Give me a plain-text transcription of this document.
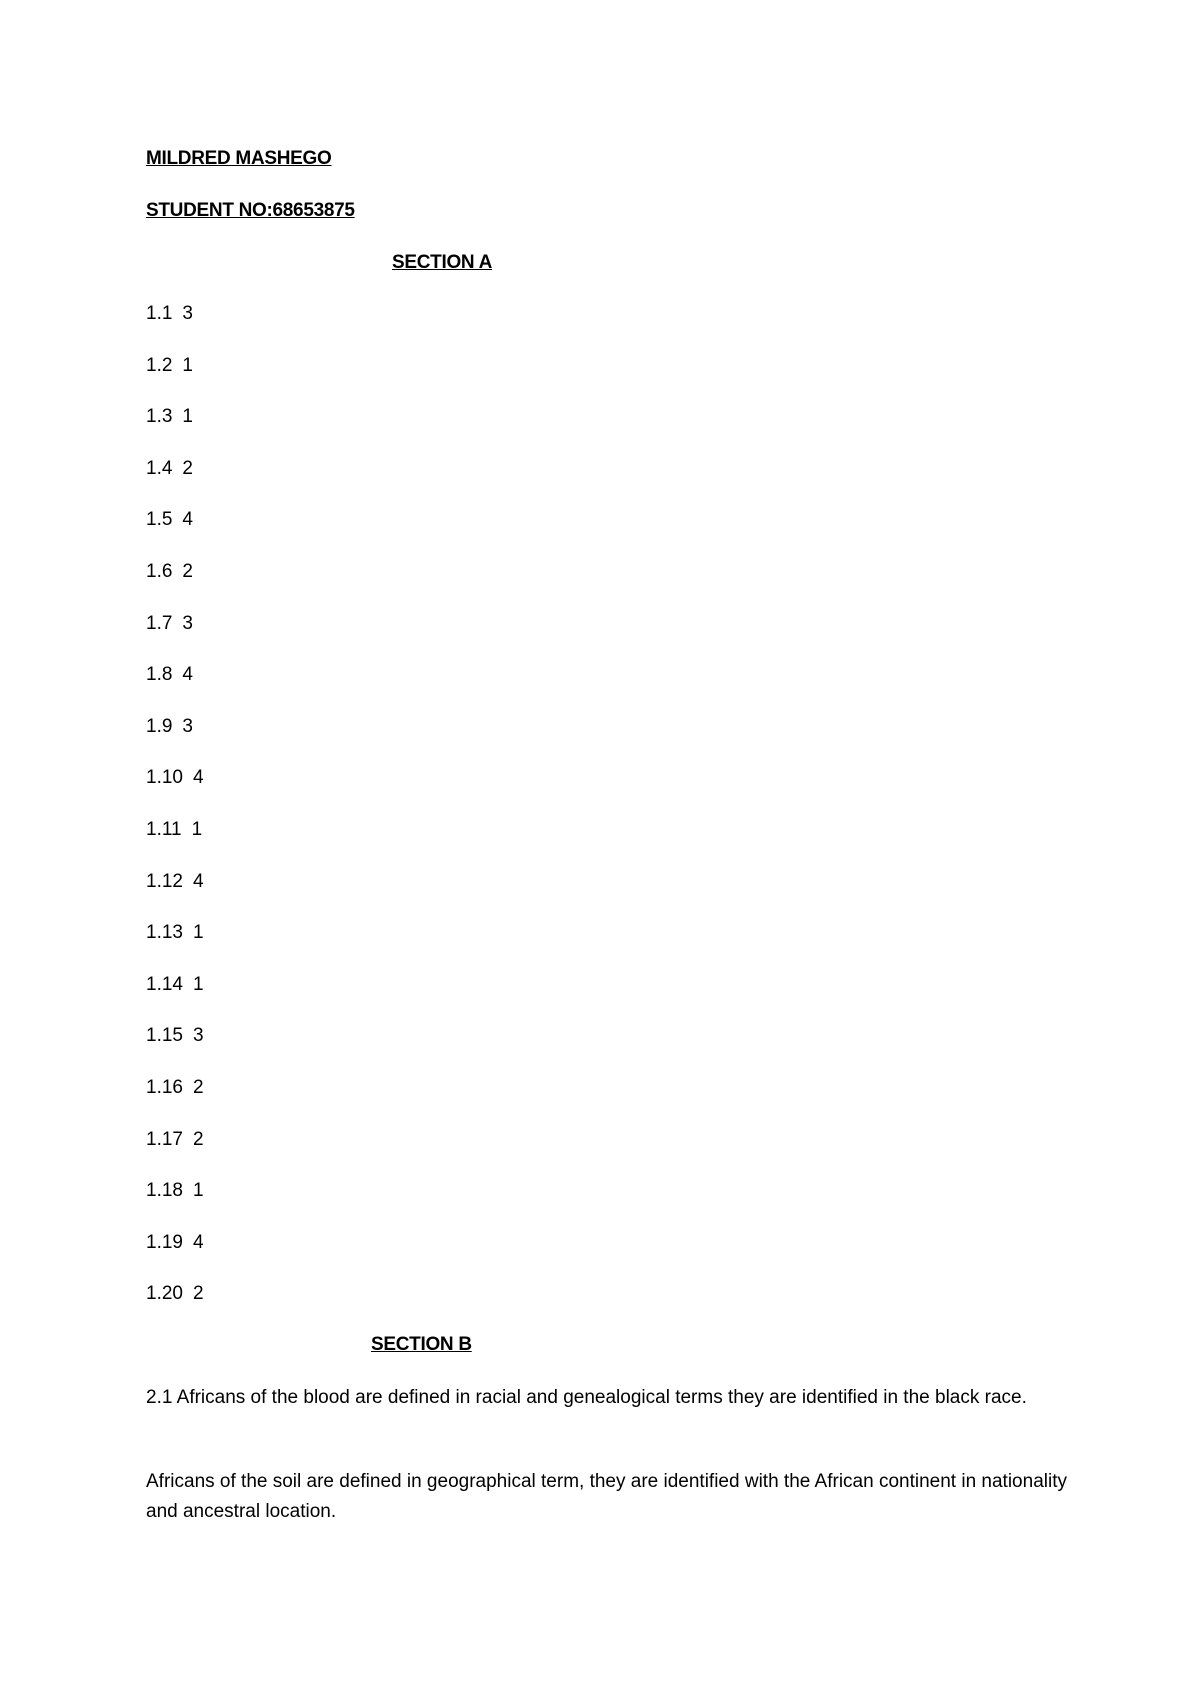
MILDRED MASHEGO
STUDENT NO:68653875
SECTION A
1.1 3
1.2 1
1.3 1
1.4 2
1.5 4
1.6 2
1.7 3
1.8 4
1.9 3
1.10 4
1.11 1
1.12 4
1.13 1
1.14 1
1.15 3
1.16 2
1.17 2
1.18 1
1.19 4
1.20 2
SECTION B

2.1 Africans of the blood are defined in racial and genealogical terms they are identified in the black race.

Africans of the soil are defined in geographical term, they are identified with the African continent in nationality and ancestral location.
